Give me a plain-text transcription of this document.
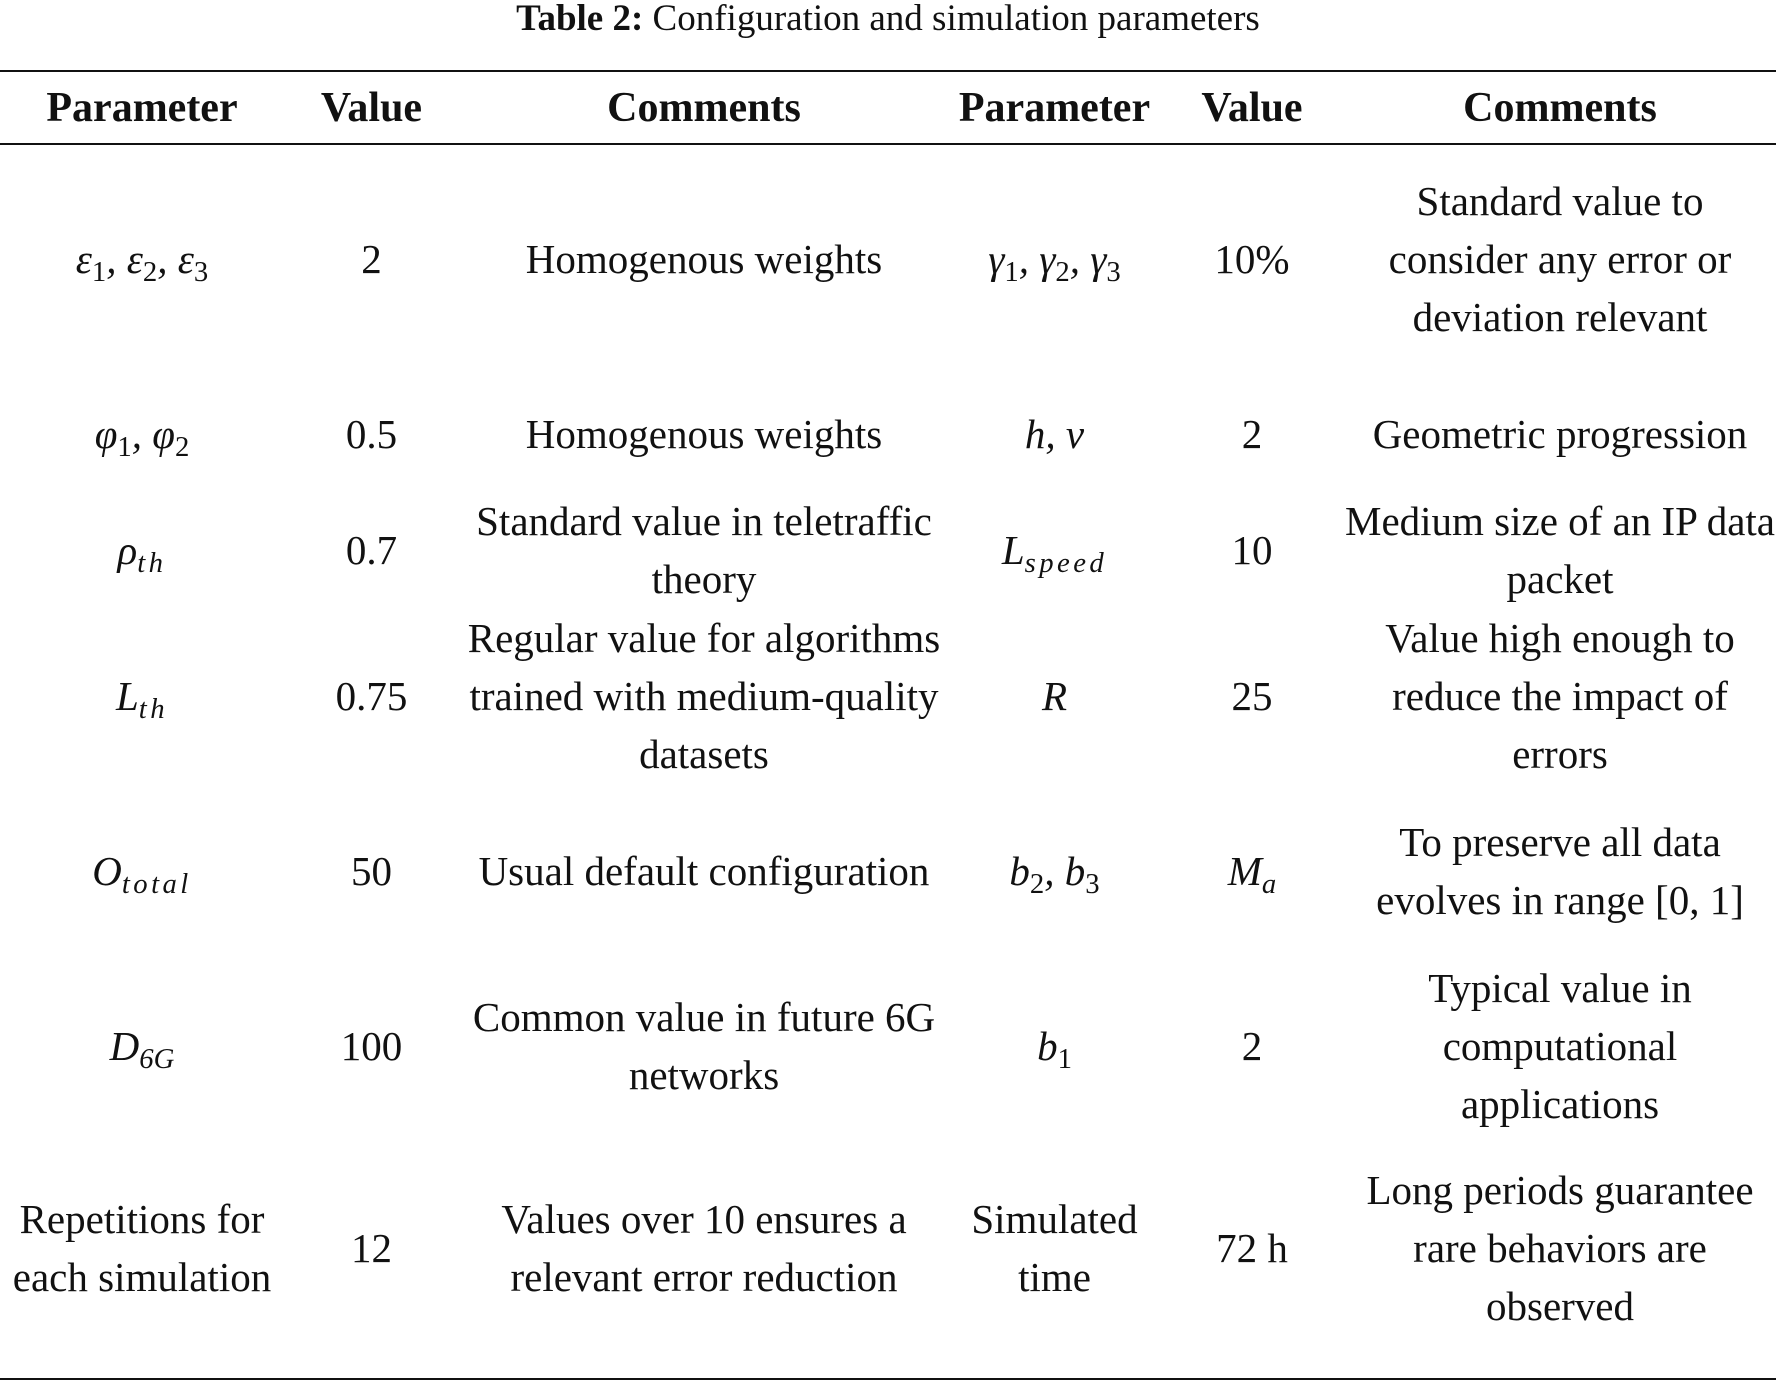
Table 2: Configuration and simulation parameters
Parameter	Value	Comments	Parameter	Value	Comments
$\varepsilon_1$, $\varepsilon_2$, $\varepsilon_3$	2	Homogenous weights	$\gamma_1$, $\gamma_2$, $\gamma_3$	10%	Standard value to consider any error or deviation relevant
$\varphi_1$, $\varphi_2$	0.5	Homogenous weights	h, v	2	Geometric progression
$\rho_{th}$	0.7	Standard value in teletraffic theory	$L_{speed}$	10	Medium size of an IP data packet
$L_{th}$	0.75	Regular value for algorithms trained with medium-quality datasets	R	25	Value high enough to reduce the impact of errors
$O_{total}$	50	Usual default configuration	$b_2$, $b_3$	$M_a$	To preserve all data evolves in range [0, 1]
$D_{6G}$	100	Common value in future 6G networks	$b_1$	2	Typical value in computational applications
Repetitions for each simulation	12	Values over 10 ensures a relevant error reduction	Simulated time	72 h	Long periods guarantee rare behaviors are observed
